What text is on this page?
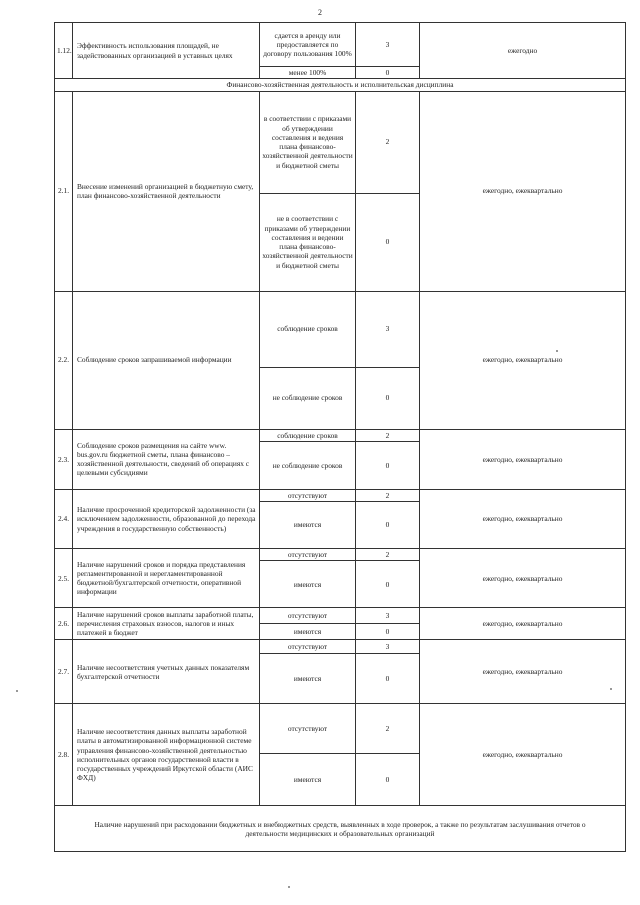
2
1.12.	Эффективность использования площадей, не задействованных организацией в уставных целях	сдается в аренду или предоставляется по договору пользования 100%	3	ежегодно
		менее 100%	0	
Финансово-хозяйственная деятельность и исполнительская дисциплина				
2.1.	Внесение изменений организацией в бюджетную смету, план финансово-хозяйственной деятельности	в соответствии с приказами об утверждении составления и ведения плана финансово-хозяйственной деятельности и бюджетной сметы	2	ежегодно, ежеквартально
		не в соответствии с приказами об утверждении составления и ведении плана финансово-хозяйственной деятельности и бюджетной сметы	0	
2.2.	Соблюдение сроков запрашиваемой информации	соблюдение сроков	3	ежегодно, ежеквартально
		не соблюдение сроков	0	
2.3.	Соблюдение сроков размещения на сайте www. bus.gov.ru бюджетной сметы, плана финансово – хозяйственной деятельности, сведений об операциях с целевыми субсидиями	соблюдение сроков	2	ежегодно, ежеквартально
		не соблюдение сроков	0	
2.4.	Наличие просроченной кредиторской задолженности (за исключением задолженности, образованной до перехода учреждения в государственную собственность)	отсутствуют	2	ежегодно, ежеквартально
		имеются	0	
2.5.	Наличие нарушений сроков и порядка представления регламентированной и нерегламентированной бюджетной/бухгалтерской отчетности, оперативной информации	отсутствуют	2	ежегодно, ежеквартально
		имеются	0	
2.6.	Наличие нарушений сроков выплаты заработной платы, перечисления страховых взносов, налогов и иных платежей в бюджет	отсутствуют	3	ежегодно, ежеквартально
		имеются	0	
2.7.	Наличие несоответствия учетных данных показателям бухгалтерской отчетности	отсутствуют	3	ежегодно, ежеквартально
		имеются	0	
2.8.	Наличие несоответствия данных выплаты заработной платы в автоматизированной информационной системе управления финансово-хозяйственной деятельностью исполнительных органов государственной власти в государственных учреждений Иркутской области (АИС ФХД)	отсутствуют	2	ежегодно, ежеквартально
		имеются	0	
Наличие нарушений при расходовании бюджетных и внебюджетных средств, выявленных в ходе проверок, а также по результатам заслушивания отчетов о деятельности медицинских и образовательных организаций				
